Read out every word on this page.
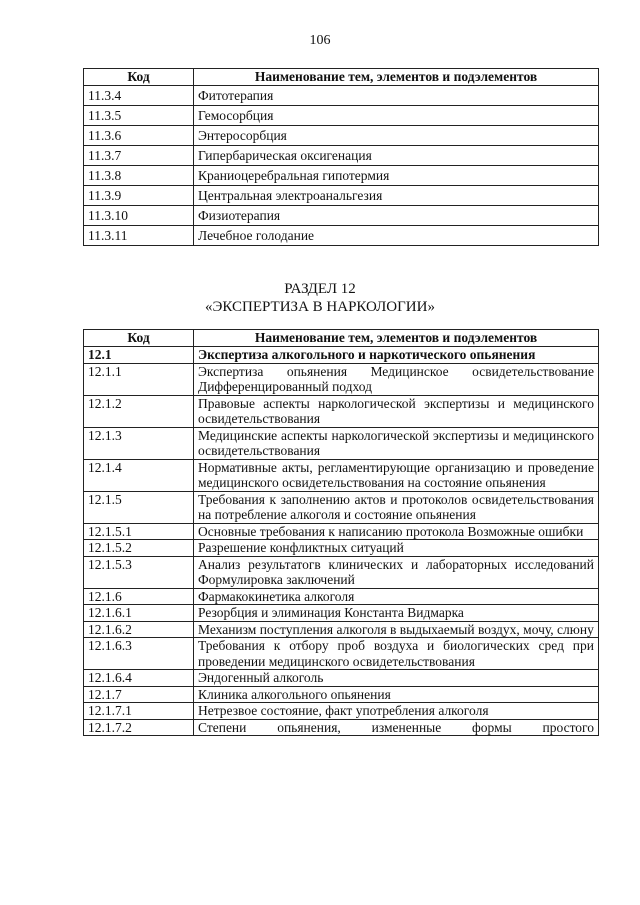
106
Код	Наименование тем, элементов и подэлементов
11.3.4	Фитотерапия
11.3.5	Гемосорбция
11.3.6	Энтеросорбция
11.3.7	Гипербарическая оксигенация
11.3.8	Краниоцеребральная гипотермия
11.3.9	Центральная электроанальгезия
11.3.10	Физиотерапия
11.3.11	Лечебное голодание
РАЗДЕЛ 12
«ЭКСПЕРТИЗА В НАРКОЛОГИИ»
Код	Наименование тем, элементов и подэлементов
12.1	Экспертиза алкогольного и наркотического опьянения
12.1.1	Экспертиза опьянения Медицинское освидетельствование Дифференцированный подход
12.1.2	Правовые аспекты наркологической экспертизы и медицинского освидетельствования
12.1.3	Медицинские аспекты наркологической экспертизы и медицинского освидетельствования
12.1.4	Нормативные акты, регламентирующие организацию и проведение медицинского освидетельствования на состояние опьянения
12.1.5	Требования к заполнению актов и протоколов освидетельствования на потребление алкоголя и состояние опьянения
12.1.5.1	Основные требования к написанию протокола Возможные ошибки
12.1.5.2	Разрешение конфликтных ситуаций
12.1.5.3	Анализ результатогв клинических и лабораторных исследований Формулировка заключений
12.1.6	Фармакокинетика алкоголя
12.1.6.1	Резорбция и элиминация Константа Видмарка
12.1.6.2	Механизм поступления алкоголя в выдыхаемый воздух, мочу, слюну
12.1.6.3	Требования к отбору проб воздуха и биологических сред при проведении медицинского освидетельствования
12.1.6.4	Эндогенный алкоголь
12.1.7	Клиника алкогольного опьянения
12.1.7.1	Нетрезвое состояние, факт употребления алкоголя
12.1.7.2	Степени опьянения, измененные формы простого
